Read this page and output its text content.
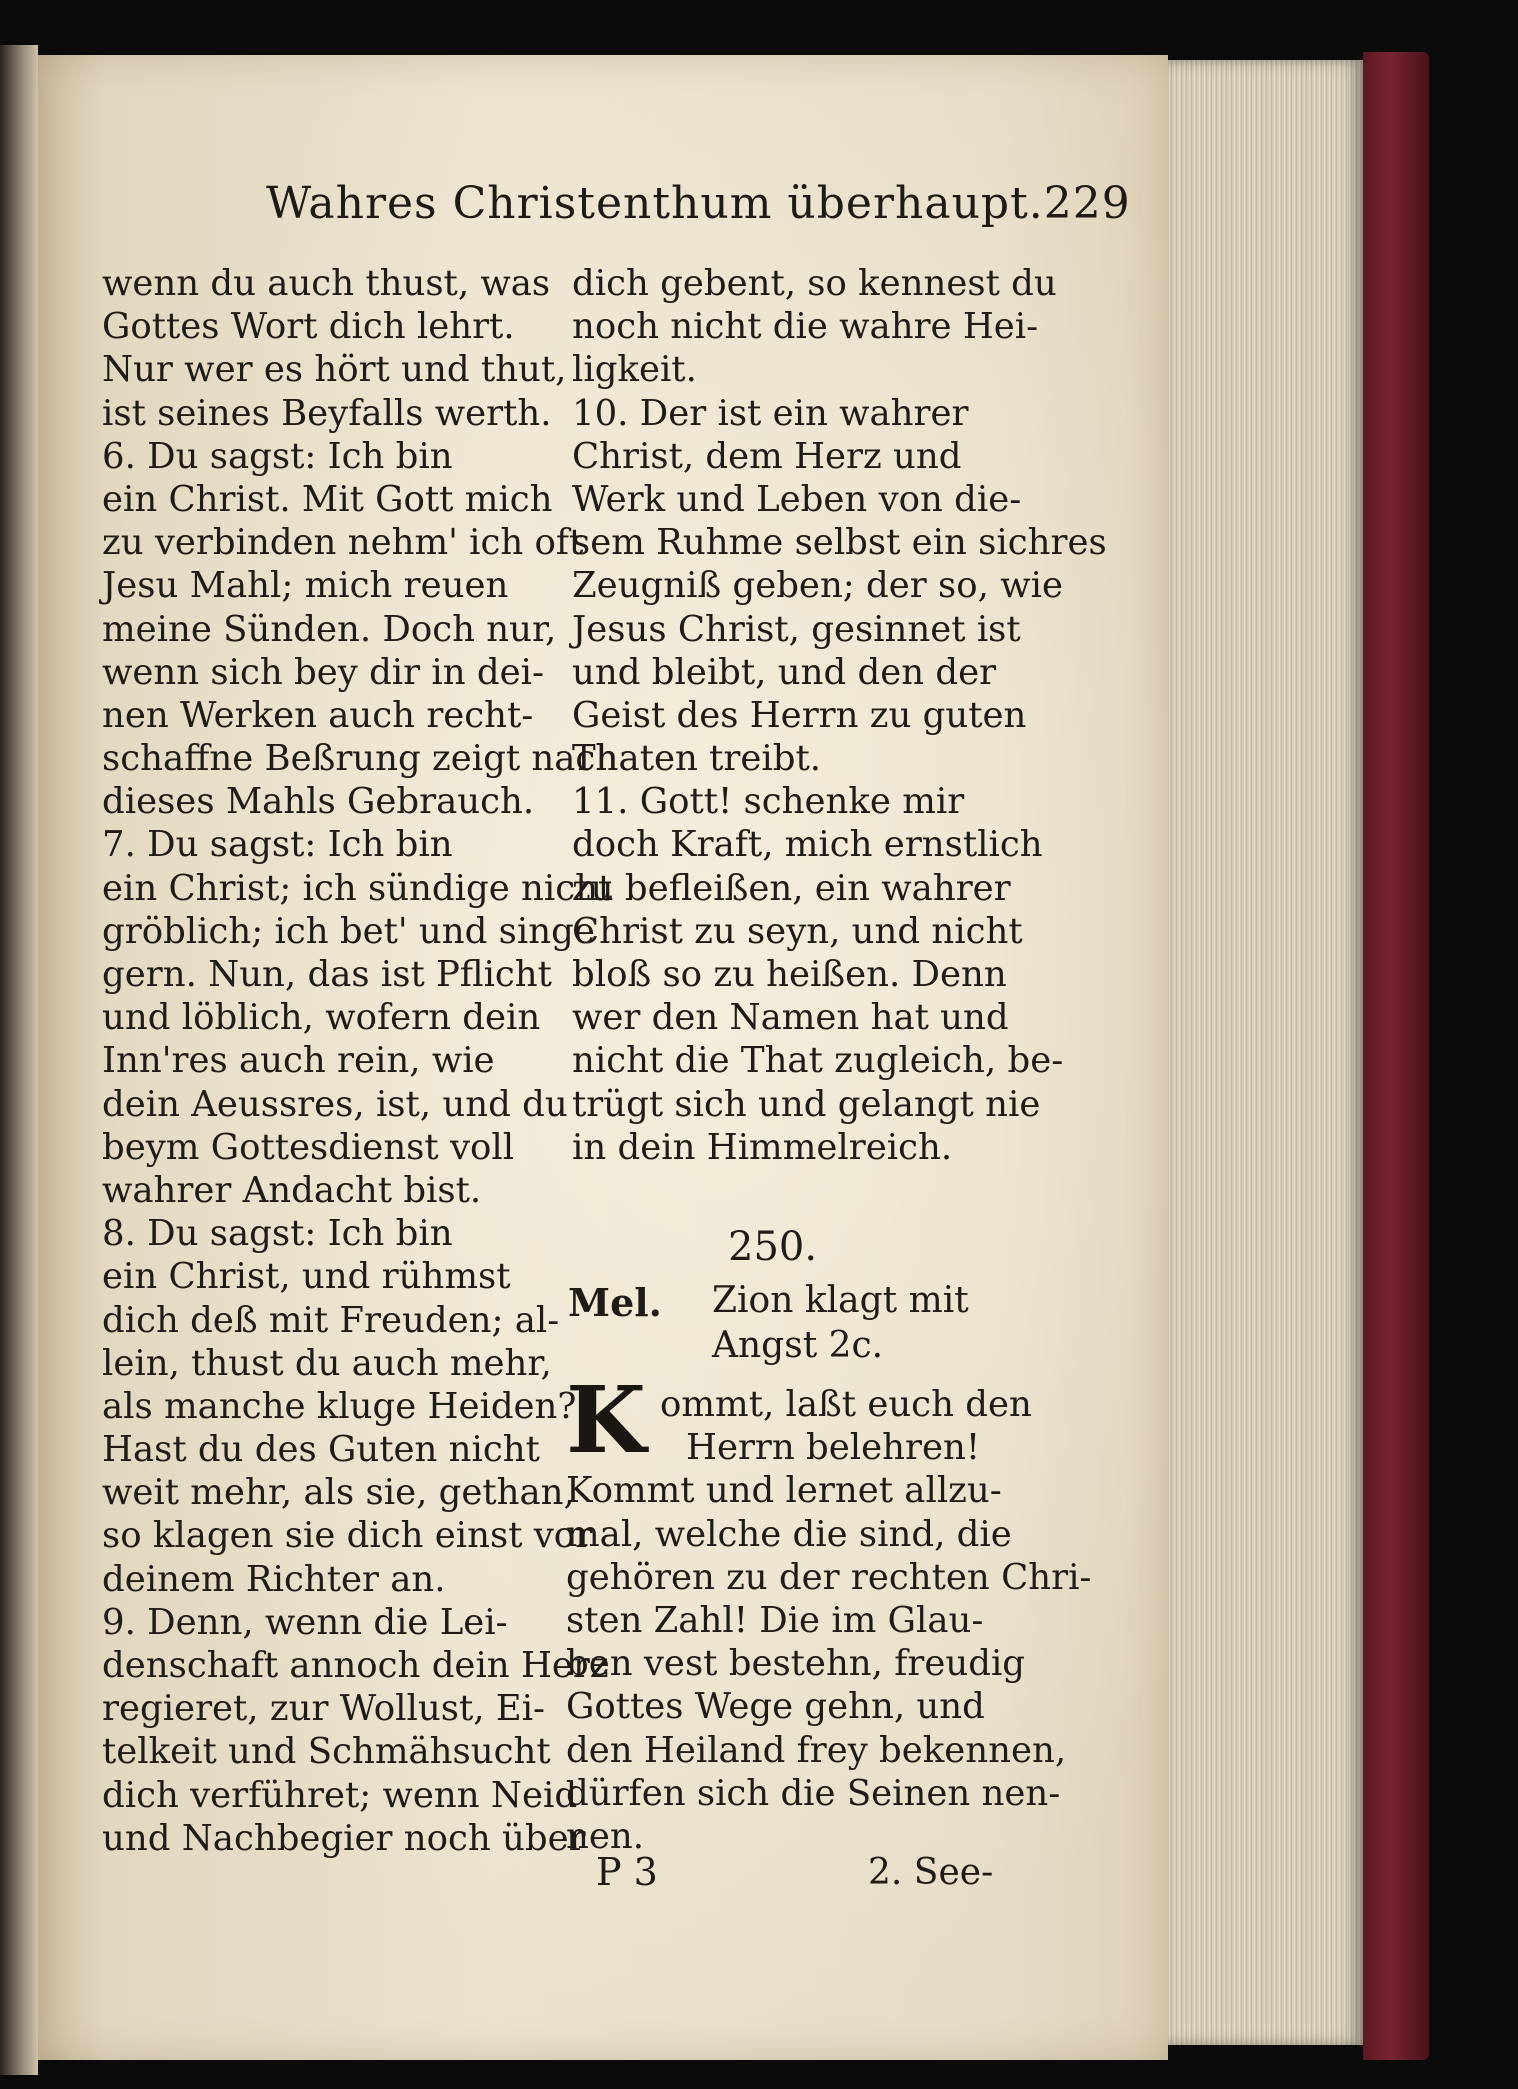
Wahres Christenthum überhaupt. 229
wenn du auch thust, was
Gottes Wort dich lehrt.
Nur wer es hört und thut,
ist seines Beyfalls werth.
6. Du sagst: Ich bin
ein Christ. Mit Gott mich
zu verbinden nehm' ich oft
Jesu Mahl; mich reuen
meine Sünden. Doch nur,
wenn sich bey dir in dei-
nen Werken auch recht-
schaffne Beßrung zeigt nach
dieses Mahls Gebrauch.
7. Du sagst: Ich bin
ein Christ; ich sündige nicht
gröblich; ich bet' und singe
gern. Nun, das ist Pflicht
und löblich, wofern dein
Inn'res auch rein, wie
dein Aeussres, ist, und du
beym Gottesdienst voll
wahrer Andacht bist.
8. Du sagst: Ich bin
ein Christ, und rühmst
dich deß mit Freuden; al-
lein, thust du auch mehr,
als manche kluge Heiden?
Hast du des Guten nicht
weit mehr, als sie, gethan,
so klagen sie dich einst vor
deinem Richter an.
9. Denn, wenn die Lei-
denschaft annoch dein Herz
regieret, zur Wollust, Ei-
telkeit und Schmähsucht
dich verführet; wenn Neid
und Nachbegier noch über
dich gebent, so kennest du
noch nicht die wahre Hei-
ligkeit.
10. Der ist ein wahrer
Christ, dem Herz und
Werk und Leben von die-
sem Ruhme selbst ein sichres
Zeugniß geben; der so, wie
Jesus Christ, gesinnet ist
und bleibt, und den der
Geist des Herrn zu guten
Thaten treibt.
11. Gott! schenke mir
doch Kraft, mich ernstlich
zu befleißen, ein wahrer
Christ zu seyn, und nicht
bloß so zu heißen. Denn
wer den Namen hat und
nicht die That zugleich, be-
trügt sich und gelangt nie
in dein Himmelreich.
250.
Mel. Zion klagt mit
Angst 2c.
K ommt, laßt euch den
Herrn belehren!
Kommt und lernet allzu-
mal, welche die sind, die
gehören zu der rechten Chri-
sten Zahl! Die im Glau-
ben vest bestehn, freudig
Gottes Wege gehn, und
den Heiland frey bekennen,
dürfen sich die Seinen nen-
nen.
P 3	2. See-
